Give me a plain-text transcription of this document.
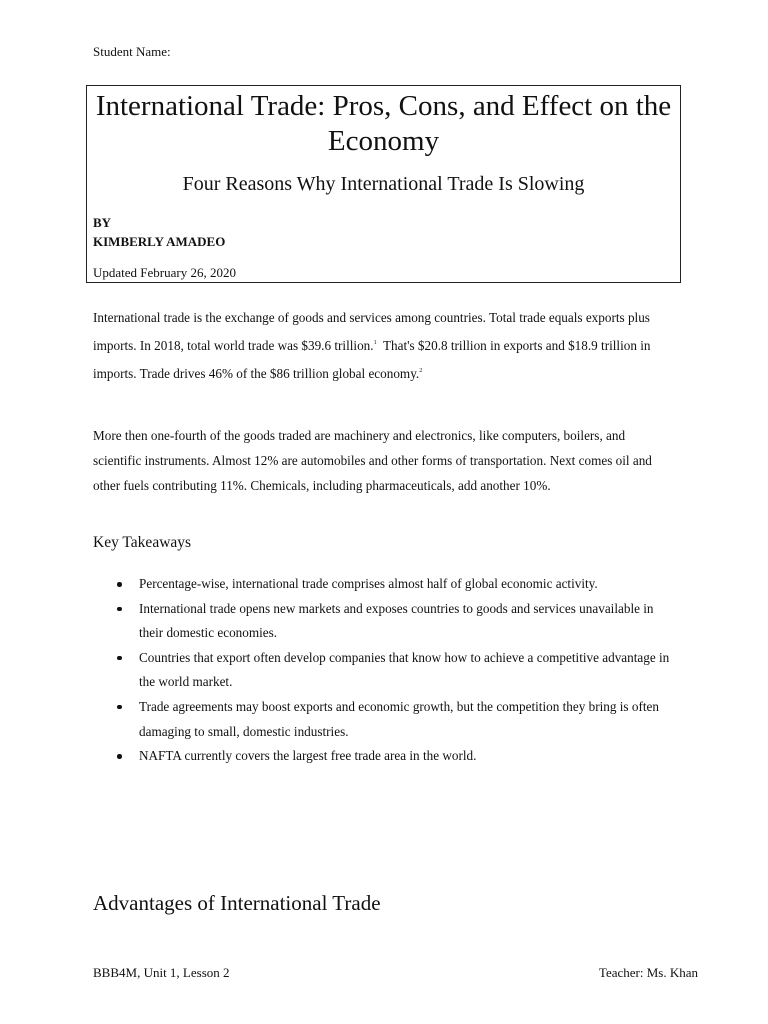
Student Name:
International Trade: Pros, Cons, and Effect on the Economy
Four Reasons Why International Trade Is Slowing
BY
KIMBERLY AMADEO
Updated February 26, 2020

International trade is the exchange of goods and services among countries. Total trade equals exports plus imports. In 2018, total world trade was $39.6 trillion.$^1$ That's $20.8 trillion in exports and $18.9 trillion in imports. Trade drives 46% of the $86 trillion global economy.$^2$

More then one-fourth of the goods traded are machinery and electronics, like computers, boilers, and scientific instruments. Almost 12% are automobiles and other forms of transportation. Next comes oil and other fuels contributing 11%. Chemicals, including pharmaceuticals, add another 10%.

Key Takeaways
Percentage-wise, international trade comprises almost half of global economic activity.
International trade opens new markets and exposes countries to goods and services unavailable in their domestic economies.
Countries that export often develop companies that know how to achieve a competitive advantage in the world market.
Trade agreements may boost exports and economic growth, but the competition they bring is often damaging to small, domestic industries.
NAFTA currently covers the largest free trade area in the world.
Advantages of International Trade
BBB4M, Unit 1, Lesson 2	Teacher: Ms. Khan
